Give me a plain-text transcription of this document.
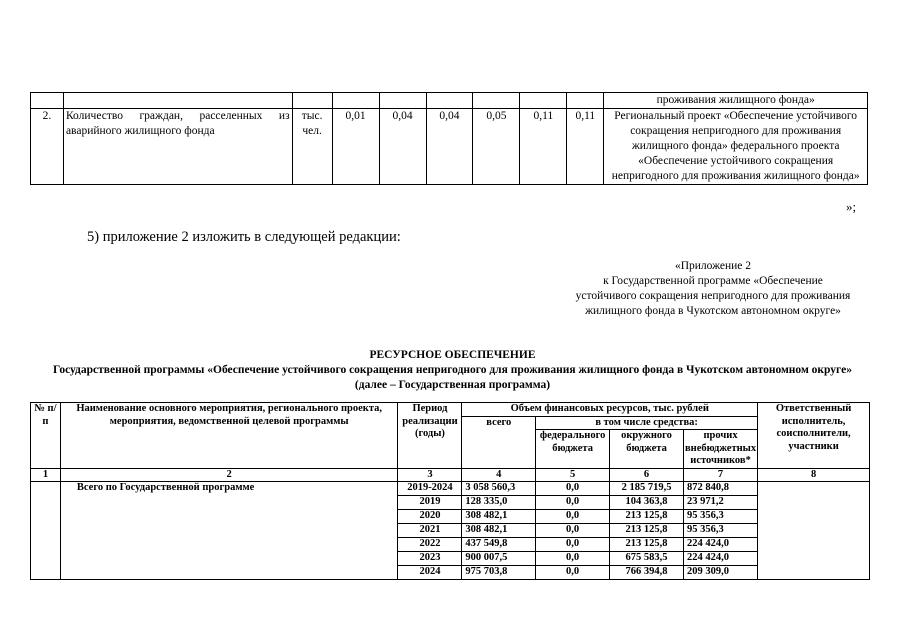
									проживания жилищного фонда»
2.	Количество граждан, расселенных из аварийного жилищного фонда	тыс. чел.	0,01	0,04	0,04	0,05	0,11	0,11	Региональный проект «Обеспечение устойчивого сокращения непригодного для проживания жилищного фонда» федерального проекта «Обеспечение устойчивого сокращения непригодного для проживания жилищного фонда»
»;
5) приложение 2 изложить в следующей редакции:
«Приложение 2
к Государственной программе «Обеспечение
устойчивого сокращения непригодного для проживания
жилищного фонда в Чукотском автономном округе»
РЕСУРСНОЕ ОБЕСПЕЧЕНИЕ
Государственной программы «Обеспечение устойчивого сокращения непригодного для проживания жилищного фонда в Чукотском автономном округе» (далее – Государственная программа)
№ п/п	Наименование основного мероприятия, регионального проекта, мероприятия, ведомственной целевой программы	Период реализации (годы)	Объем финансовых ресурсов, тыс. рублей				Ответственный исполнитель, соисполнители, участники
			всего	в том числе средства:			
				федерального бюджета	окружного бюджета	прочих внебюджетных источников*	
1	2	3	4	5	6	7	8
	Всего по Государственной программе	2019-2024	3 058 560,3	0,0	2 185 719,5	872 840,8	
		2019	128 335,0	0,0	104 363,8	23 971,2	
		2020	308 482,1	0,0	213 125,8	95 356,3	
		2021	308 482,1	0,0	213 125,8	95 356,3	
		2022	437 549,8	0,0	213 125,8	224 424,0	
		2023	900 007,5	0,0	675 583,5	224 424,0	
		2024	975 703,8	0,0	766 394,8	209 309,0	
